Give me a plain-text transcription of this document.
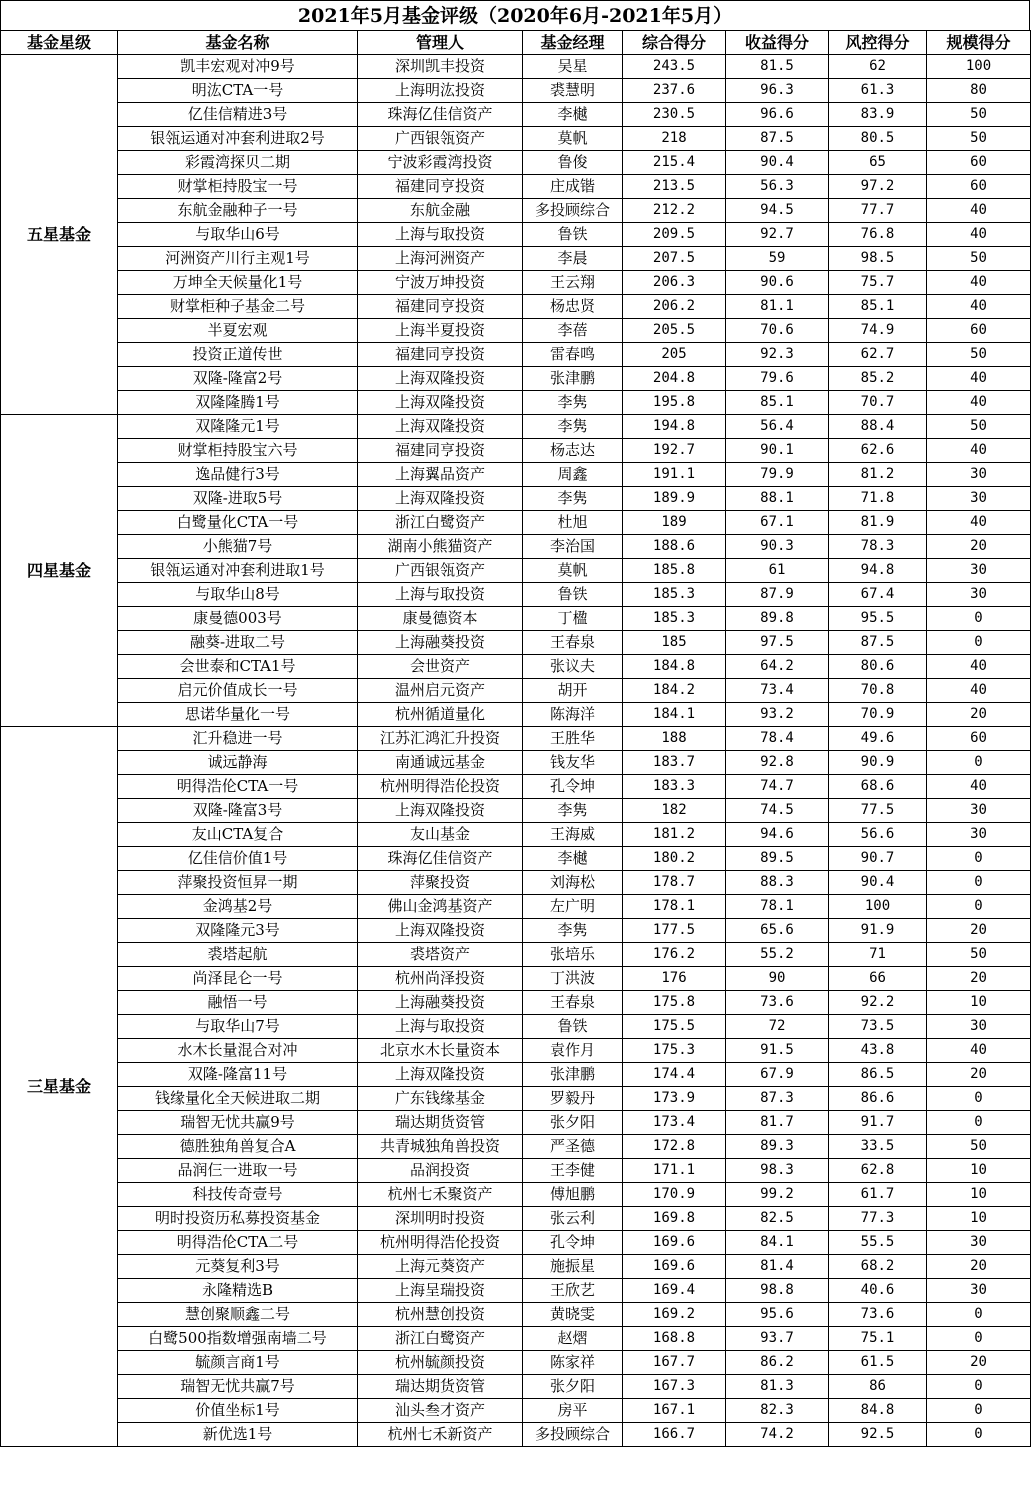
2021年5月基金评级（2020年6月-2021年5月）
基金星级	基金名称	管理人	基金经理	综合得分	收益得分	风控得分	规模得分
五星基金	凯丰宏观对冲9号	深圳凯丰投资	吴星	243.5	81.5	62	100
	明汯CTA一号	上海明汯投资	裘慧明	237.6	96.3	61.3	80
	亿佳信精进3号	珠海亿佳信资产	李樾	230.5	96.6	83.9	50
	银瓴运通对冲套利进取2号	广西银瓴资产	莫帆	218	87.5	80.5	50
	彩霞湾探贝二期	宁波彩霞湾投资	鲁俊	215.4	90.4	65	60
	财掌柜持股宝一号	福建同亨投资	庄成锴	213.5	56.3	97.2	60
	东航金融种子一号	东航金融	多投顾综合	212.2	94.5	77.7	40
	与取华山6号	上海与取投资	鲁铁	209.5	92.7	76.8	40
	河洲资产川行主观1号	上海河洲资产	李晨	207.5	59	98.5	50
	万坤全天候量化1号	宁波万坤投资	王云翔	206.3	90.6	75.7	40
	财掌柜种子基金二号	福建同亨投资	杨忠贤	206.2	81.1	85.1	40
	半夏宏观	上海半夏投资	李蓓	205.5	70.6	74.9	60
	投资正道传世	福建同亨投资	雷春鸣	205	92.3	62.7	50
	双隆-隆富2号	上海双隆投资	张津鹏	204.8	79.6	85.2	40
	双隆隆腾1号	上海双隆投资	李隽	195.8	85.1	70.7	40
四星基金	双隆隆元1号	上海双隆投资	李隽	194.8	56.4	88.4	50
	财掌柜持股宝六号	福建同亨投资	杨志达	192.7	90.1	62.6	40
	逸品健行3号	上海翼品资产	周鑫	191.1	79.9	81.2	30
	双隆-进取5号	上海双隆投资	李隽	189.9	88.1	71.8	30
	白鹭量化CTA一号	浙江白鹭资产	杜旭	189	67.1	81.9	40
	小熊猫7号	湖南小熊猫资产	李治国	188.6	90.3	78.3	20
	银瓴运通对冲套利进取1号	广西银瓴资产	莫帆	185.8	61	94.8	30
	与取华山8号	上海与取投资	鲁铁	185.3	87.9	67.4	30
	康曼德003号	康曼德资本	丁楹	185.3	89.8	95.5	0
	融葵-进取二号	上海融葵投资	王春泉	185	97.5	87.5	0
	会世泰和CTA1号	会世资产	张议夫	184.8	64.2	80.6	40
	启元价值成长一号	温州启元资产	胡开	184.2	73.4	70.8	40
	思诺华量化一号	杭州循道量化	陈海洋	184.1	93.2	70.9	20
三星基金	汇升稳进一号	江苏汇鸿汇升投资	王胜华	188	78.4	49.6	60
	诚远静海	南通诚远基金	钱友华	183.7	92.8	90.9	0
	明得浩伦CTA一号	杭州明得浩伦投资	孔令坤	183.3	74.7	68.6	40
	双隆-隆富3号	上海双隆投资	李隽	182	74.5	77.5	30
	友山CTA复合	友山基金	王海威	181.2	94.6	56.6	30
	亿佳信价值1号	珠海亿佳信资产	李樾	180.2	89.5	90.7	0
	萍聚投资恒昇一期	萍聚投资	刘海松	178.7	88.3	90.4	0
	金鸿基2号	佛山金鸿基资产	左广明	178.1	78.1	100	0
	双隆隆元3号	上海双隆投资	李隽	177.5	65.6	91.9	20
	裘塔起航	裘塔资产	张培乐	176.2	55.2	71	50
	尚泽昆仑一号	杭州尚泽投资	丁洪波	176	90	66	20
	融悟一号	上海融葵投资	王春泉	175.8	73.6	92.2	10
	与取华山7号	上海与取投资	鲁铁	175.5	72	73.5	30
	水木长量混合对冲	北京水木长量资本	袁作月	175.3	91.5	43.8	40
	双隆-隆富11号	上海双隆投资	张津鹏	174.4	67.9	86.5	20
	钱缘量化全天候进取二期	广东钱缘基金	罗毅丹	173.9	87.3	86.6	0
	瑞智无忧共赢9号	瑞达期货资管	张夕阳	173.4	81.7	91.7	0
	德胜独角兽复合A	共青城独角兽投资	严圣德	172.8	89.3	33.5	50
	品润仨一进取一号	品润投资	王李健	171.1	98.3	62.8	10
	科技传奇壹号	杭州七禾聚资产	傅旭鹏	170.9	99.2	61.7	10
	明时投资历私募投资基金	深圳明时投资	张云利	169.8	82.5	77.3	10
	明得浩伦CTA二号	杭州明得浩伦投资	孔令坤	169.6	84.1	55.5	30
	元葵复利3号	上海元葵资产	施振星	169.6	81.4	68.2	20
	永隆精选B	上海呈瑞投资	王欣艺	169.4	98.8	40.6	30
	慧创聚顺鑫二号	杭州慧创投资	黄晓雯	169.2	95.6	73.6	0
	白鹭500指数增强南墙二号	浙江白鹭资产	赵熠	168.8	93.7	75.1	0
	毓颜言商1号	杭州毓颜投资	陈家祥	167.7	86.2	61.5	20
	瑞智无忧共赢7号	瑞达期货资管	张夕阳	167.3	81.3	86	0
	价值坐标1号	汕头叁才资产	房平	167.1	82.3	84.8	0
	新优选1号	杭州七禾新资产	多投顾综合	166.7	74.2	92.5	0
